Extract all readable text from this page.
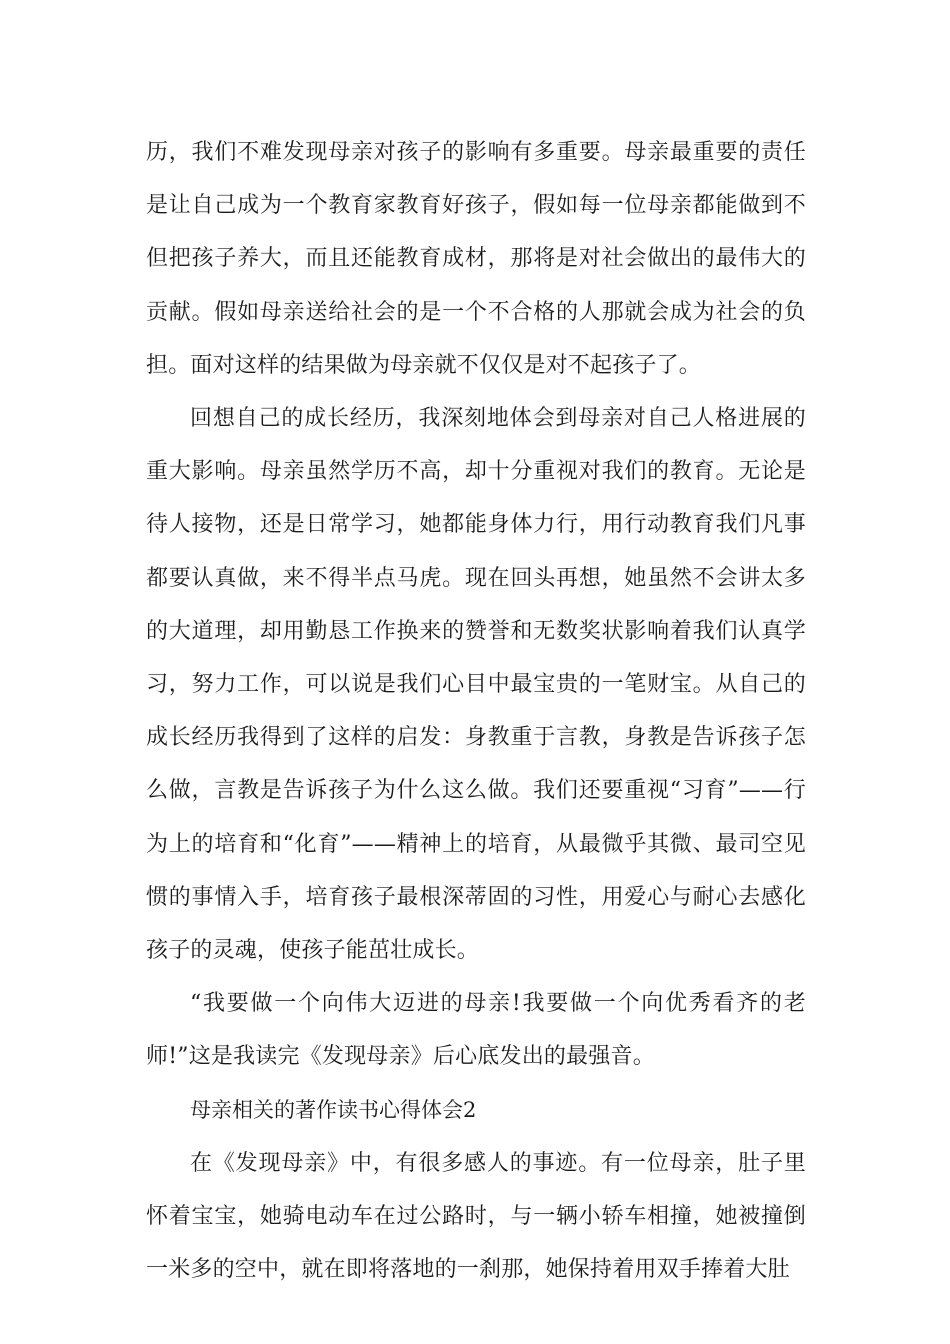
历，我们不难发现母亲对孩子的影响有多重要。母亲最重要的责任是让自己成为一个教育家教育好孩子，假如每一位母亲都能做到不但把孩子养大，而且还能教育成材，那将是对社会做出的最伟大的贡献。假如母亲送给社会的是一个不合格的人那就会成为社会的负担。面对这样的结果做为母亲就不仅仅是对不起孩子了。

回想自己的成长经历，我深刻地体会到母亲对自己人格进展的重大影响。母亲虽然学历不高，却十分重视对我们的教育。无论是待人接物，还是日常学习，她都能身体力行，用行动教育我们凡事都要认真做，来不得半点马虎。现在回头再想，她虽然不会讲太多的大道理，却用勤恳工作换来的赞誉和无数奖状影响着我们认真学习，努力工作，可以说是我们心目中最宝贵的一笔财宝。从自己的成长经历我得到了这样的启发：身教重于言教，身教是告诉孩子怎么做，言教是告诉孩子为什么这么做。我们还要重视“习育”——行为上的培育和“化育”——精神上的培育，从最微乎其微、最司空见惯的事情入手，培育孩子最根深蒂固的习性，用爱心与耐心去感化孩子的灵魂，使孩子能茁壮成长。

“我要做一个向伟大迈进的母亲!我要做一个向优秀看齐的老师!”这是我读完《发现母亲》后心底发出的最强音。

母亲相关的著作读书心得体会2

在《发现母亲》中，有很多感人的事迹。有一位母亲，肚子里怀着宝宝，她骑电动车在过公路时，与一辆小轿车相撞，她被撞倒一米多的空中，就在即将落地的一刹那，她保持着用双手捧着大肚
